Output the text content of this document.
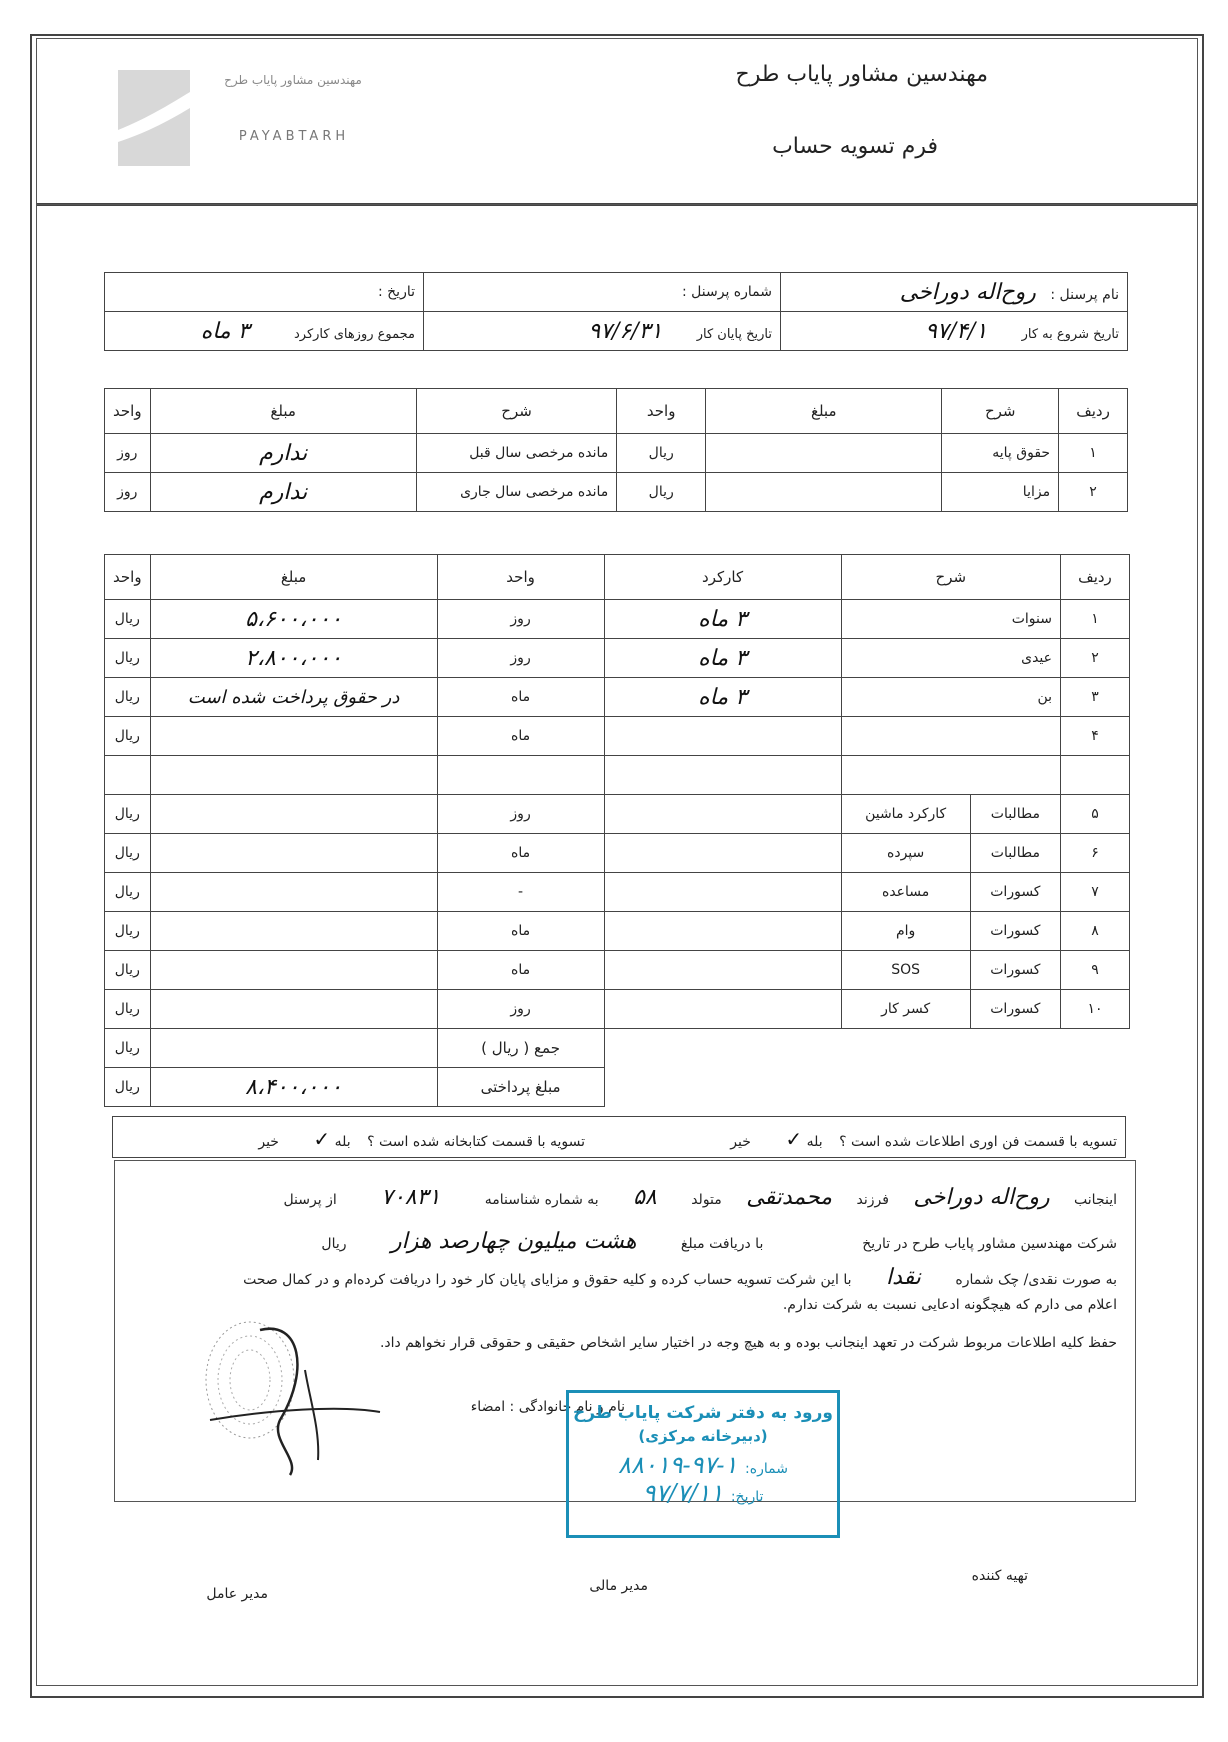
مهندسین مشاور پایاب طرح
PAYABTARH
مهندسین مشاور پایاب طرح
فرم تسویه حساب
نام پرسنل : روح‌اله دوراخی	شماره پرسنل :	تاریخ :
تاریخ شروع به کار ۹۷/۴/۱	تاریخ پایان کار ۹۷/۶/۳۱	مجموع روزهای کارکرد ۳ ماه
ردیف	شرح	مبلغ	واحد	شرح	مبلغ	واحد
۱	حقوق پایه		ریال	مانده مرخصی سال قبل	ندارم	روز
۲	مزایا		ریال	مانده مرخصی سال جاری	ندارم	روز
ردیف	شرح		کارکرد	واحد	مبلغ	واحد
۱	سنوات		۳ ماه	روز	۵،۶۰۰،۰۰۰	ریال
۲	عیدی		۳ ماه	روز	۲،۸۰۰،۰۰۰	ریال
۳	بن		۳ ماه	ماه	در حقوق پرداخت شده است	ریال
۴				ماه		ریال

۵	مطالبات	کارکرد ماشین		روز		ریال
۶	مطالبات	سپرده		ماه		ریال
۷	کسورات	مساعده		-		ریال
۸	کسورات	وام		ماه		ریال
۹	کسورات	SOS		ماه		ریال
۱۰	کسورات	کسر کار		روز		ریال
				جمع ( ریال )		ریال
				مبلغ پرداختی	۸،۴۰۰،۰۰۰	ریال
تسویه با قسمت فن اوری اطلاعات شده است ؟ بله ✓ خیر
تسویه با قسمت کتابخانه شده است ؟ بله ✓ خیر
اینجانب روح‌اله دوراخی فرزند محمدتقی متولد ۵۸ به شماره شناسنامه ۷۰۸۳۱ از پرسنل
شرکت مهندسین مشاور پایاب طرح در تاریخ  با دریافت مبلغ هشت میلیون چهارصد هزار ریال
به صورت نقدی/ چک شماره نقدا با این شرکت تسویه حساب کرده و کلیه حقوق و مزایای پایان کار خود را دریافت کرده‌ام و در کمال صحت
اعلام می دارم که هیچگونه ادعایی نسبت به شرکت ندارم.
حفظ کلیه اطلاعات مربوط شرکت در تعهد اینجانب بوده و به هیچ وجه در اختیار سایر اشخاص حقیقی و حقوقی قرار نخواهم داد.
نام و نام خانوادگی : امضاء
ورود به دفتر شرکت پایاب طرح
(دبیرخانه مرکزی)
شماره: ۱-۹۷-۸۸۰۱۹
تاریخ: ۹۷/۷/۱۱
تهیه کننده
مدیر مالی
مدیر عامل
